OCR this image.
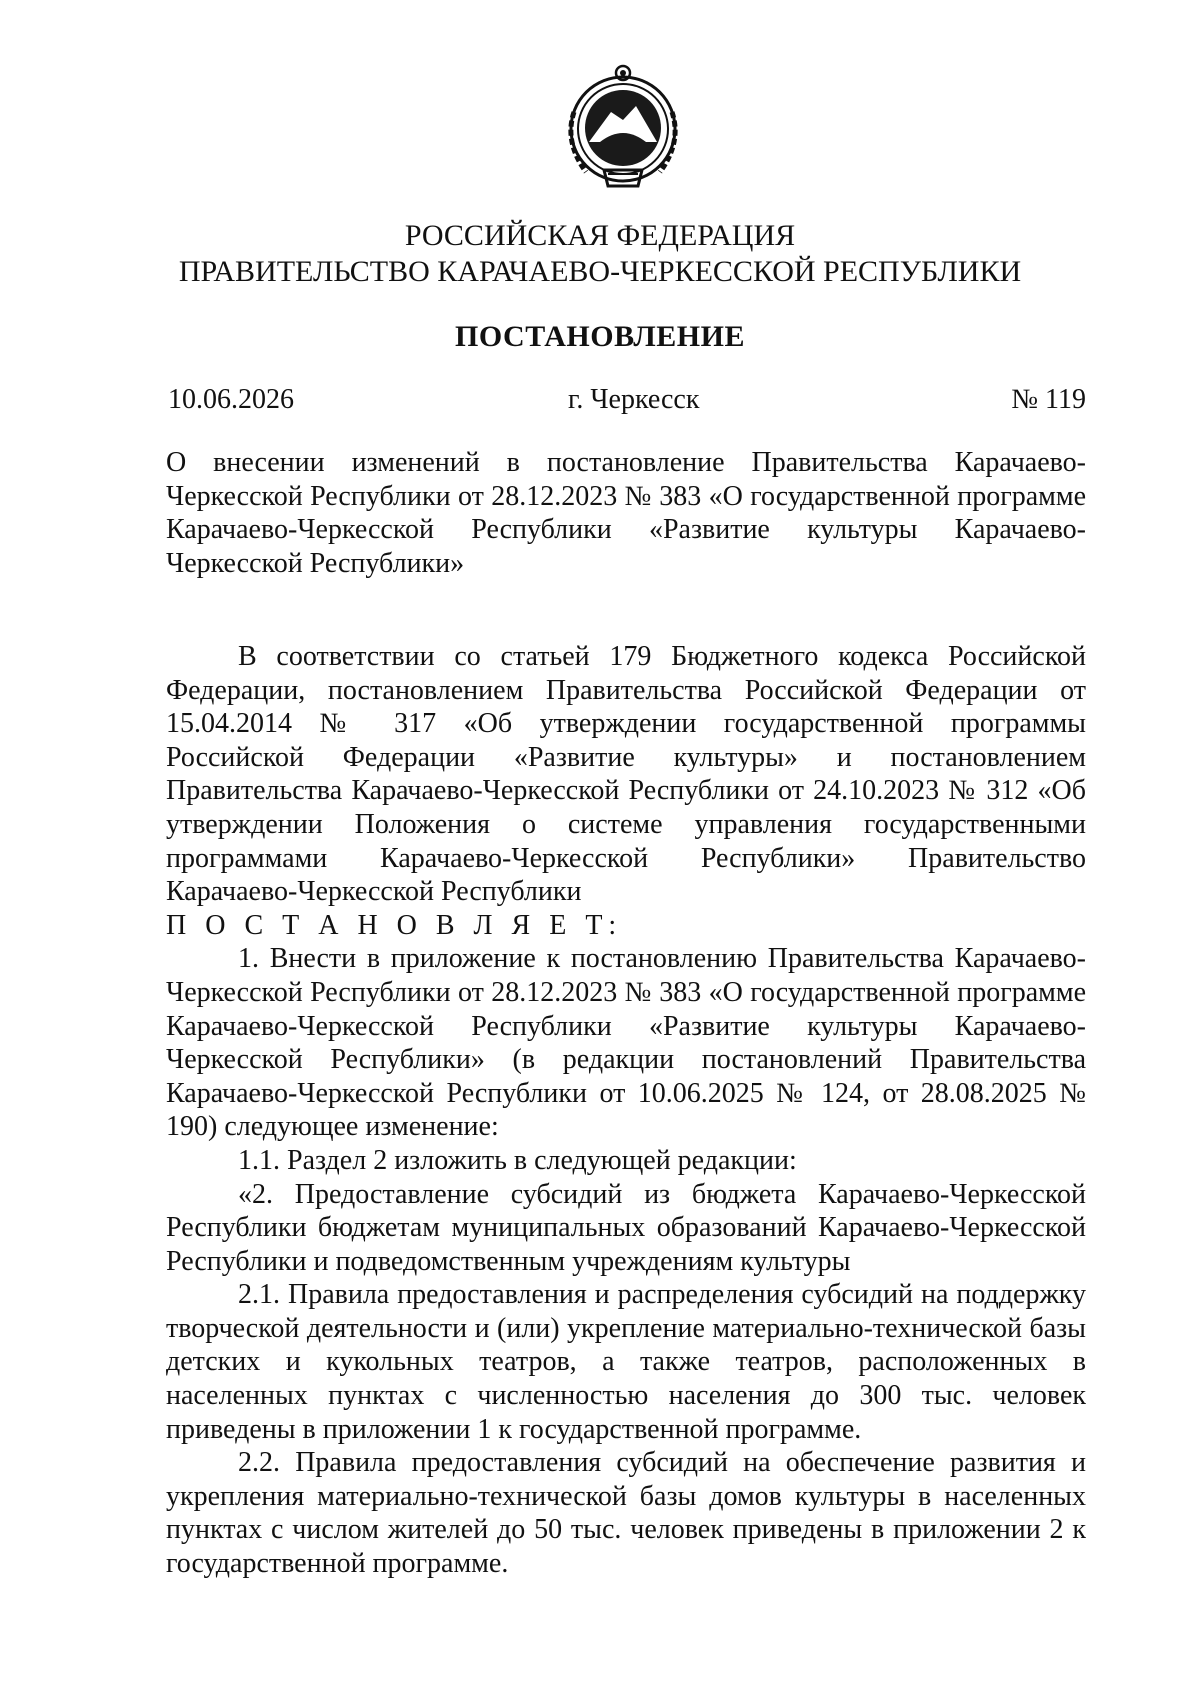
РОССИЙСКАЯ ФЕДЕРАЦИЯ
ПРАВИТЕЛЬСТВО КАРАЧАЕВО-ЧЕРКЕССКОЙ РЕСПУБЛИКИ
ПОСТАНОВЛЕНИЕ
10.06.2026	г. Черкесск	№ 119

О внесении изменений в постановление Правительства Карачаево-Черкесской Республики от 28.12.2023 № 383 «О государственной программе Карачаево-Черкесской Республики «Развитие культуры Карачаево-Черкесской Республики»

В соответствии со статьей 179 Бюджетного кодекса Российской Федерации, постановлением Правительства Российской Федерации от 15.04.2014 № 317 «Об утверждении государственной программы Российской Федерации «Развитие культуры» и постановлением Правительства Карачаево-Черкесской Республики от 24.10.2023 № 312 «Об утверждении Положения о системе управления государственными программами Карачаево-Черкесской Республики» Правительство Карачаево-Черкесской Республики

П О С Т А Н О В Л Я Е Т:

1. Внести в приложение к постановлению Правительства Карачаево-Черкесской Республики от 28.12.2023 № 383 «О государственной программе Карачаево-Черкесской Республики «Развитие культуры Карачаево-Черкесской Республики» (в редакции постановлений Правительства Карачаево-Черкесской Республики от 10.06.2025 № 124, от 28.08.2025 № 190) следующее изменение:

1.1. Раздел 2 изложить в следующей редакции:

«2. Предоставление субсидий из бюджета Карачаево-Черкесской Республики бюджетам муниципальных образований Карачаево-Черкесской Республики и подведомственным учреждениям культуры

2.1. Правила предоставления и распределения субсидий на поддержку творческой деятельности и (или) укрепление материально-технической базы детских и кукольных театров, а также театров, расположенных в населенных пунктах с численностью населения до 300 тыс. человек приведены в приложении 1 к государственной программе.

2.2. Правила предоставления субсидий на обеспечение развития и укрепления материально-технической базы домов культуры в населенных пунктах с числом жителей до 50 тыс. человек приведены в приложении 2 к государственной программе.
